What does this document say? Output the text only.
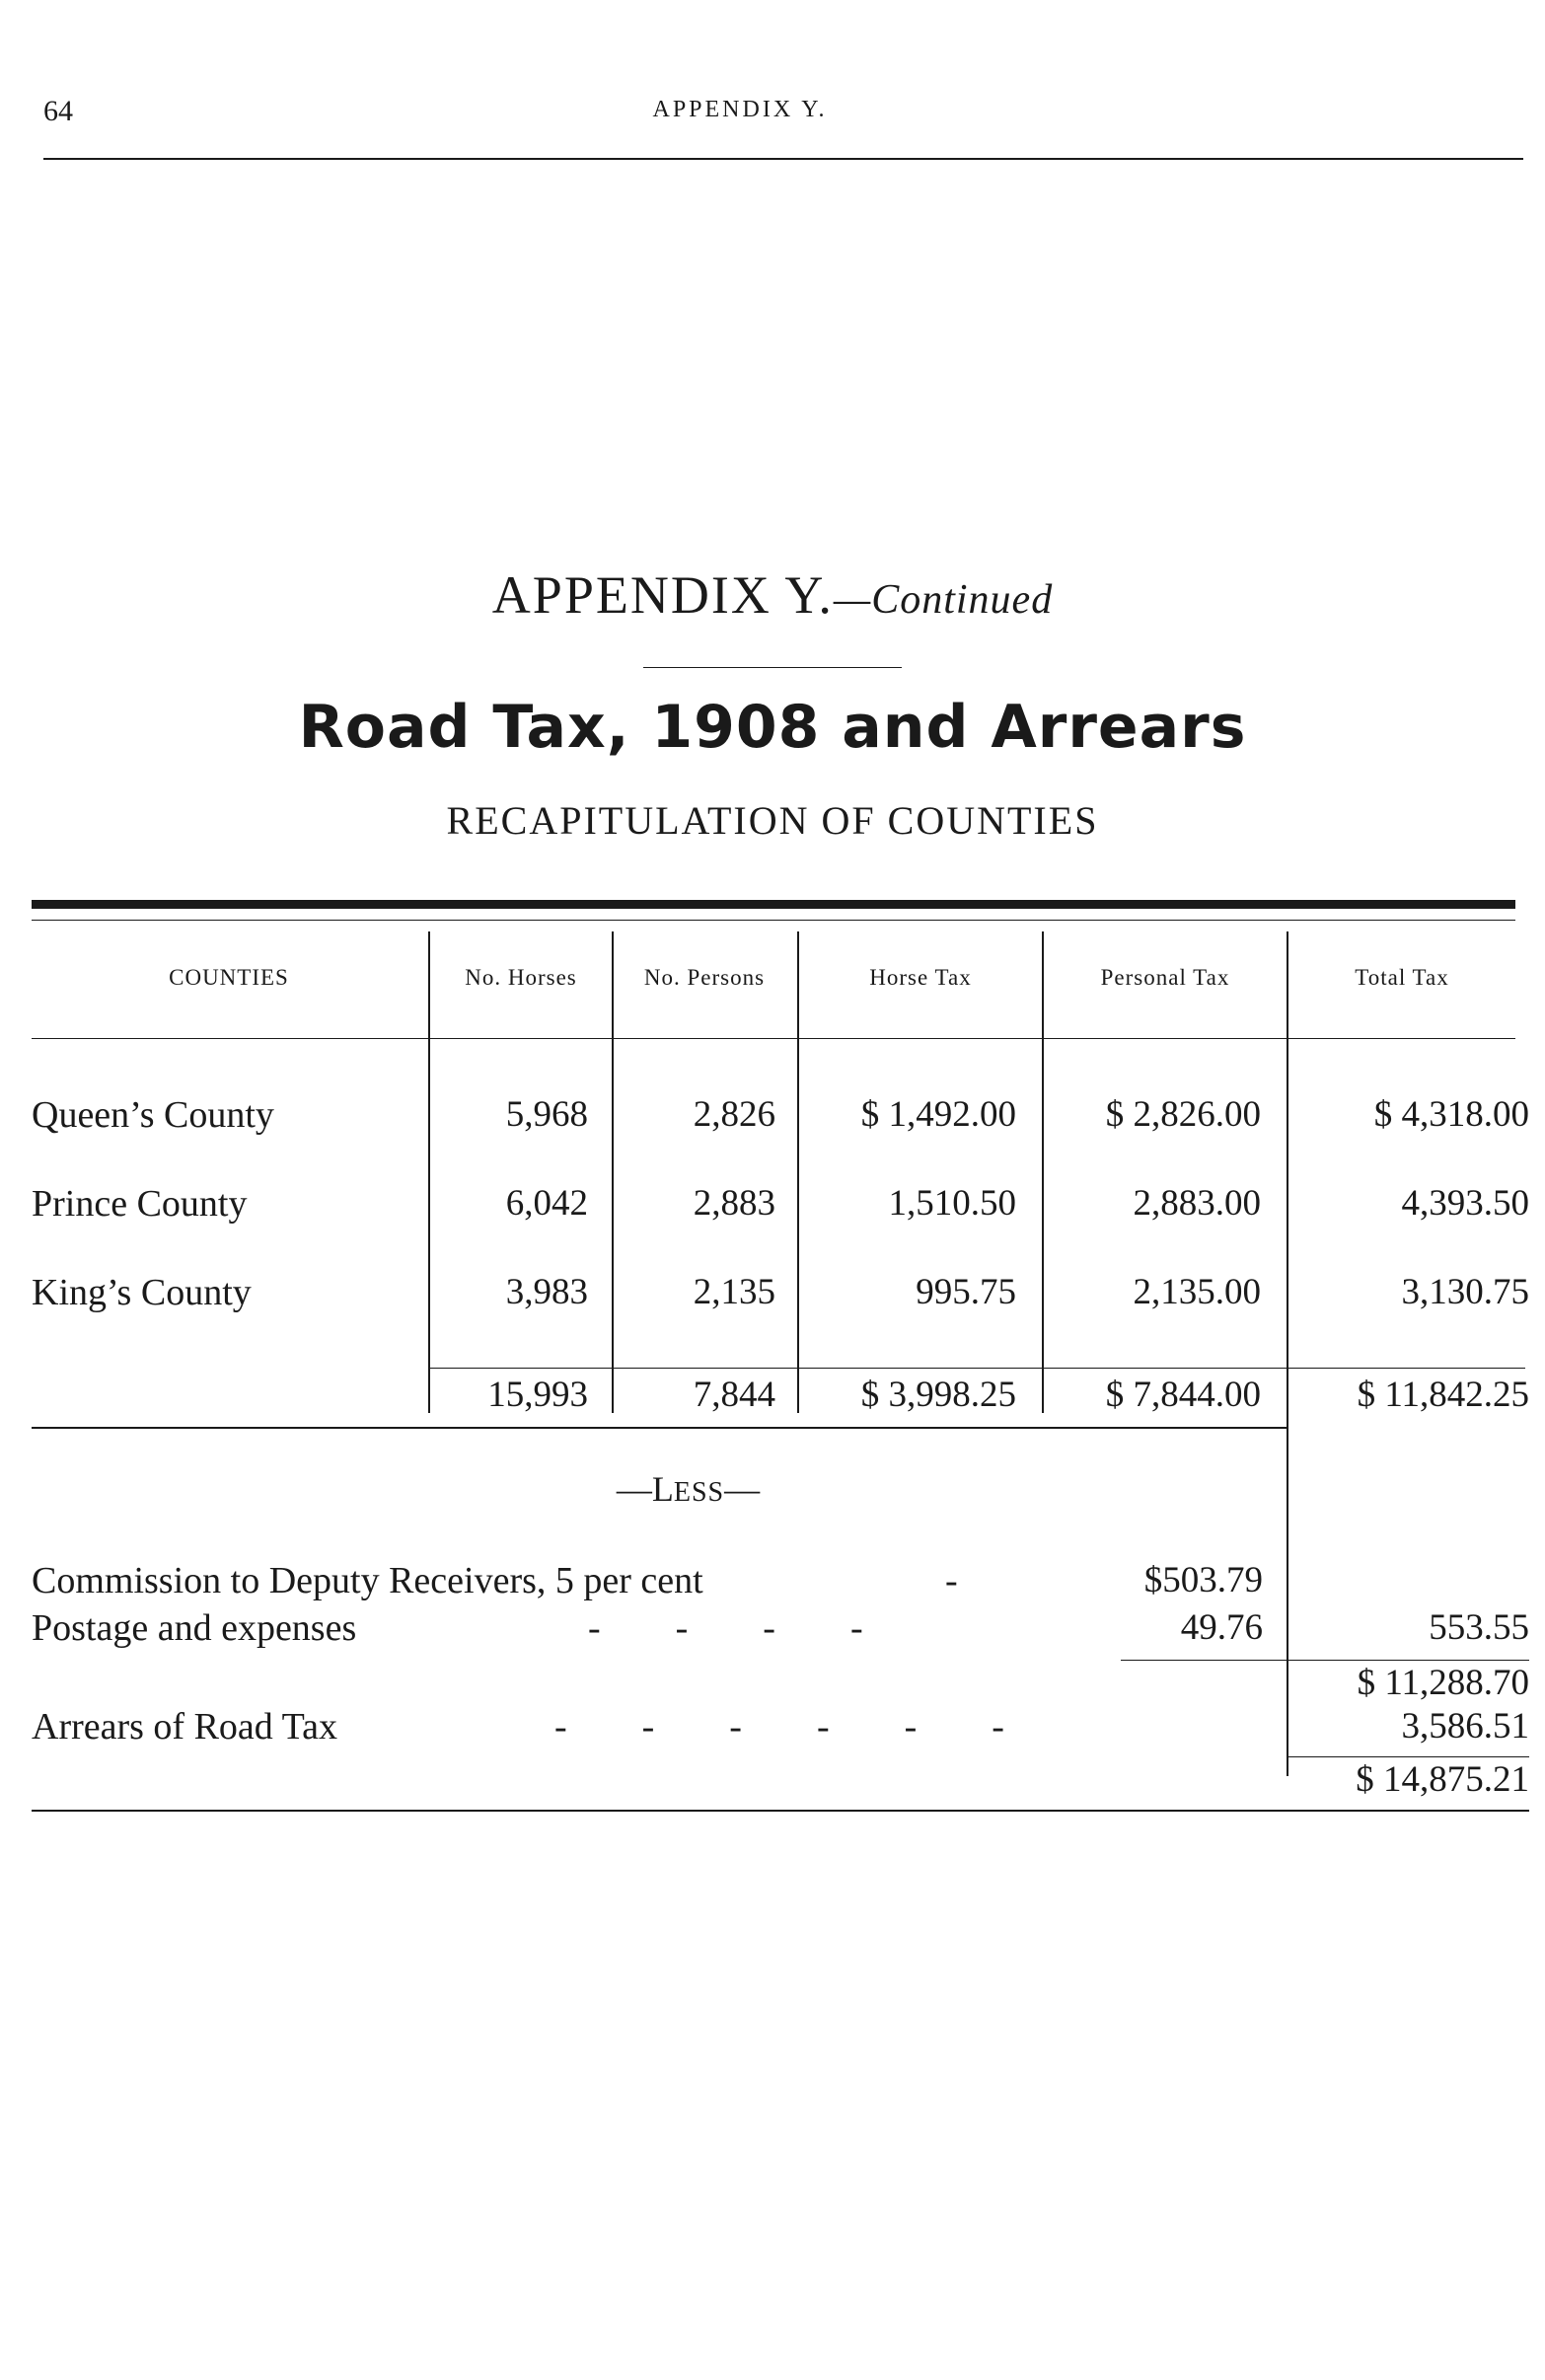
64	APPENDIX Y.
APPENDIX Y.—Continued
Road Tax, 1908 and Arrears
RECAPITULATION OF COUNTIES
COUNTIES	No. Horses	No. Persons	Horse Tax	Personal Tax	Total Tax
Queen’s County	5,968	2,826	$ 1,492.00	$ 2,826.00	$ 4,318.00
Prince County	6,042	2,883	1,510.50	2,883.00	4,393.50
King’s County	3,983	2,135	995.75	2,135.00	3,130.75
15,993	7,844	$ 3,998.25	$ 7,844.00	$ 11,842.25
—LESS—
Commission to Deputy Receivers, 5 per cent	-	$503.79
Postage and expenses	-        -        -        -	49.76	553.55
$ 11,288.70
Arrears of Road Tax	-        -        -        -        -        -	3,586.51
$ 14,875.21
